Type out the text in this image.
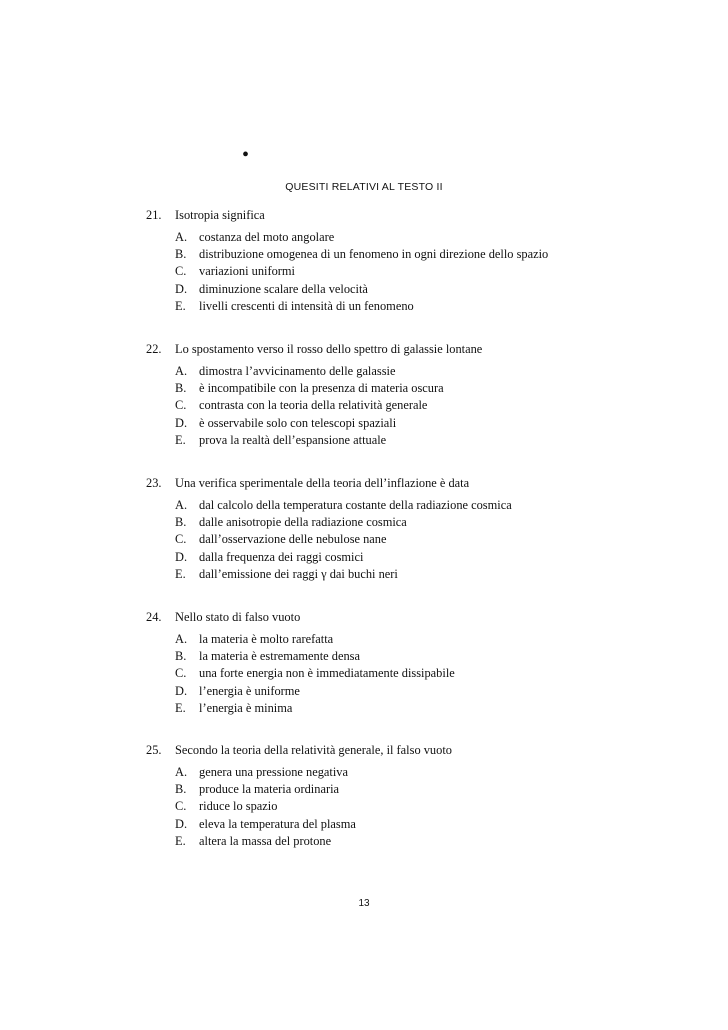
•
QUESITI RELATIVI AL TESTO II
21. Isotropia significa
A. costanza del moto angolare
B. distribuzione omogenea di un fenomeno in ogni direzione dello spazio
C. variazioni uniformi
D. diminuzione scalare della velocità
E. livelli crescenti di intensità di un fenomeno
22. Lo spostamento verso il rosso dello spettro di galassie lontane
A. dimostra l’avvicinamento delle galassie
B. è incompatibile con la presenza di materia oscura
C. contrasta con la teoria della relatività generale
D. è osservabile solo con telescopi spaziali
E. prova la realtà dell’espansione attuale
23. Una verifica sperimentale della teoria dell’inflazione è data
A. dal calcolo della temperatura costante della radiazione cosmica
B. dalle anisotropie della radiazione cosmica
C. dall’osservazione delle nebulose nane
D. dalla frequenza dei raggi cosmici
E. dall’emissione dei raggi γ dai buchi neri
24. Nello stato di falso vuoto
A. la materia è molto rarefatta
B. la materia è estremamente densa
C. una forte energia non è immediatamente dissipabile
D. l’energia è uniforme
E. l’energia è minima
25. Secondo la teoria della relatività generale, il falso vuoto
A. genera una pressione negativa
B. produce la materia ordinaria
C. riduce lo spazio
D. eleva la temperatura del plasma
E. altera la massa del protone
13
